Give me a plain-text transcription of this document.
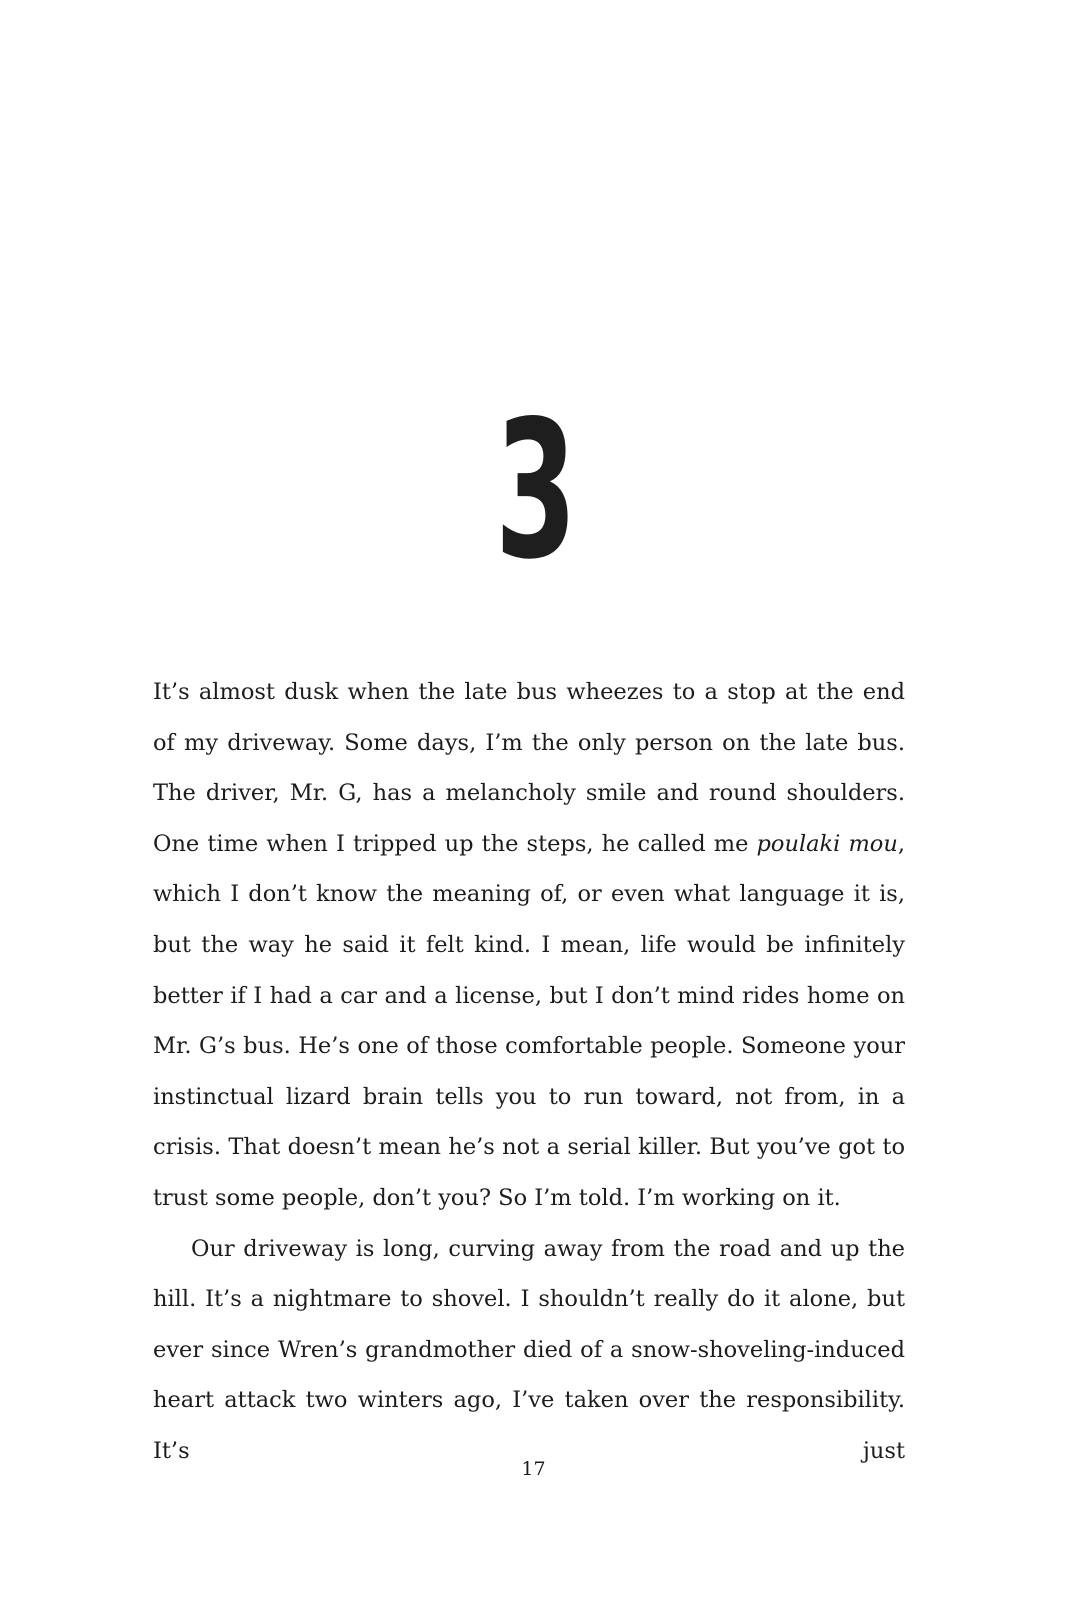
3

It’s almost dusk when the late bus wheezes to a stop at the end of my driveway. Some days, I’m the only person on the late bus. The driver, Mr. G, has a melancholy smile and round shoulders. One time when I tripped up the steps, he called me poulaki mou, which I don’t know the meaning of, or even what language it is, but the way he said it felt kind. I mean, life would be infinitely better if I had a car and a license, but I don’t mind rides home on Mr. G’s bus. He’s one of those comfortable people. Someone your instinctual lizard brain tells you to run toward, not from, in a crisis. That doesn’t mean he’s not a serial killer. But you’ve got to trust some people, don’t you? So I’m told. I’m working on it.

Our driveway is long, curving away from the road and up the hill. It’s a nightmare to shovel. I shouldn’t really do it alone, but ever since Wren’s grandmother died of a snow-shoveling-induced heart attack two winters ago, I’ve taken over the responsibility. It’s just

17
